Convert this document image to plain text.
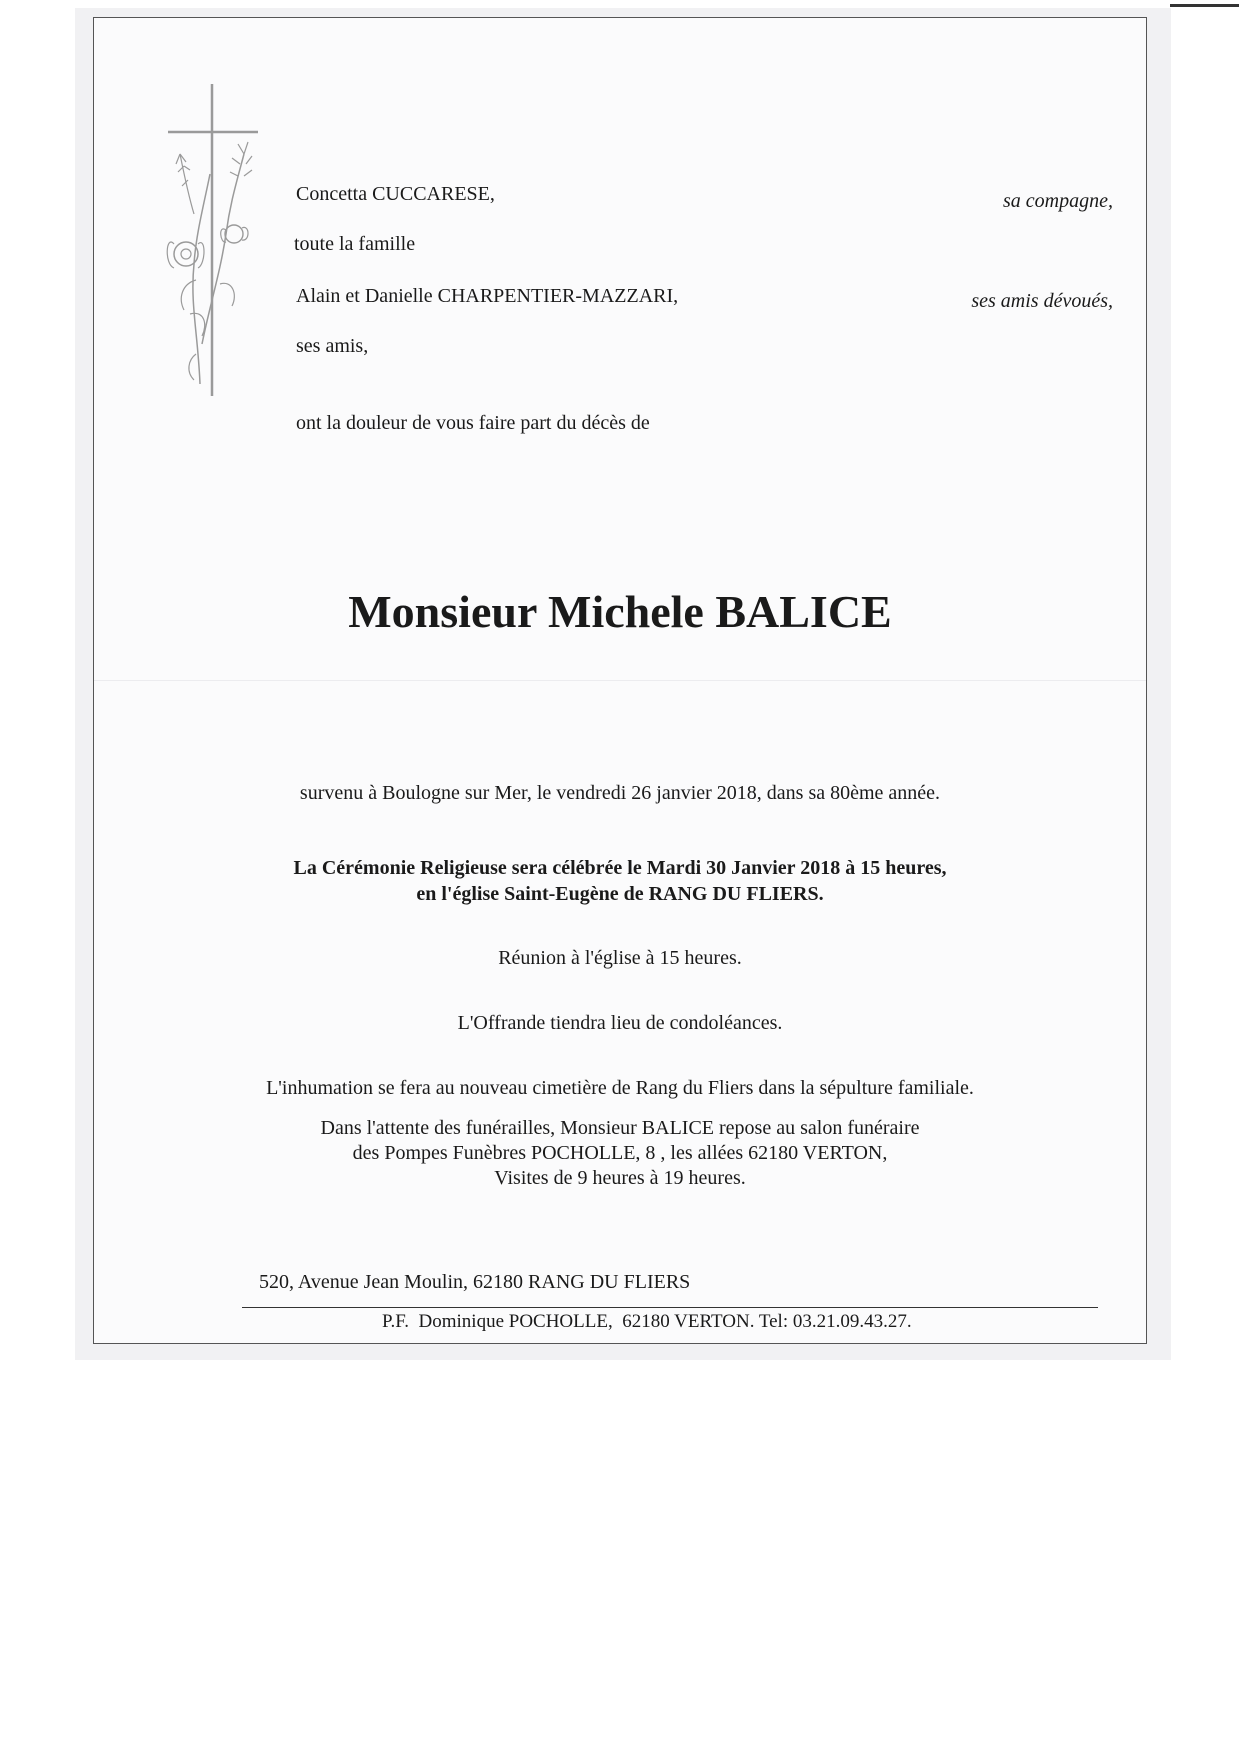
Concetta CUCCARESE,	sa compagne,
toute la famille
Alain et Danielle CHARPENTIER-MAZZARI,	ses amis dévoués,
ses amis,
ont la douleur de vous faire part du décès de
Monsieur Michele BALICE
survenu à Boulogne sur Mer, le vendredi 26 janvier 2018, dans sa 80ème année.
La Cérémonie Religieuse sera célébrée le Mardi 30 Janvier 2018 à 15 heures,
en l'église Saint-Eugène de RANG DU FLIERS.
Réunion à l'église à 15 heures.
L'Offrande tiendra lieu de condoléances.
L'inhumation se fera au nouveau cimetière de Rang du Fliers dans la sépulture familiale.
Dans l'attente des funérailles, Monsieur BALICE repose au salon funéraire
des Pompes Funèbres POCHOLLE, 8 , les allées 62180 VERTON,
Visites de 9 heures à 19 heures.
520, Avenue Jean Moulin, 62180 RANG DU FLIERS
P.F.  Dominique POCHOLLE,  62180 VERTON. Tel: 03.21.09.43.27.
